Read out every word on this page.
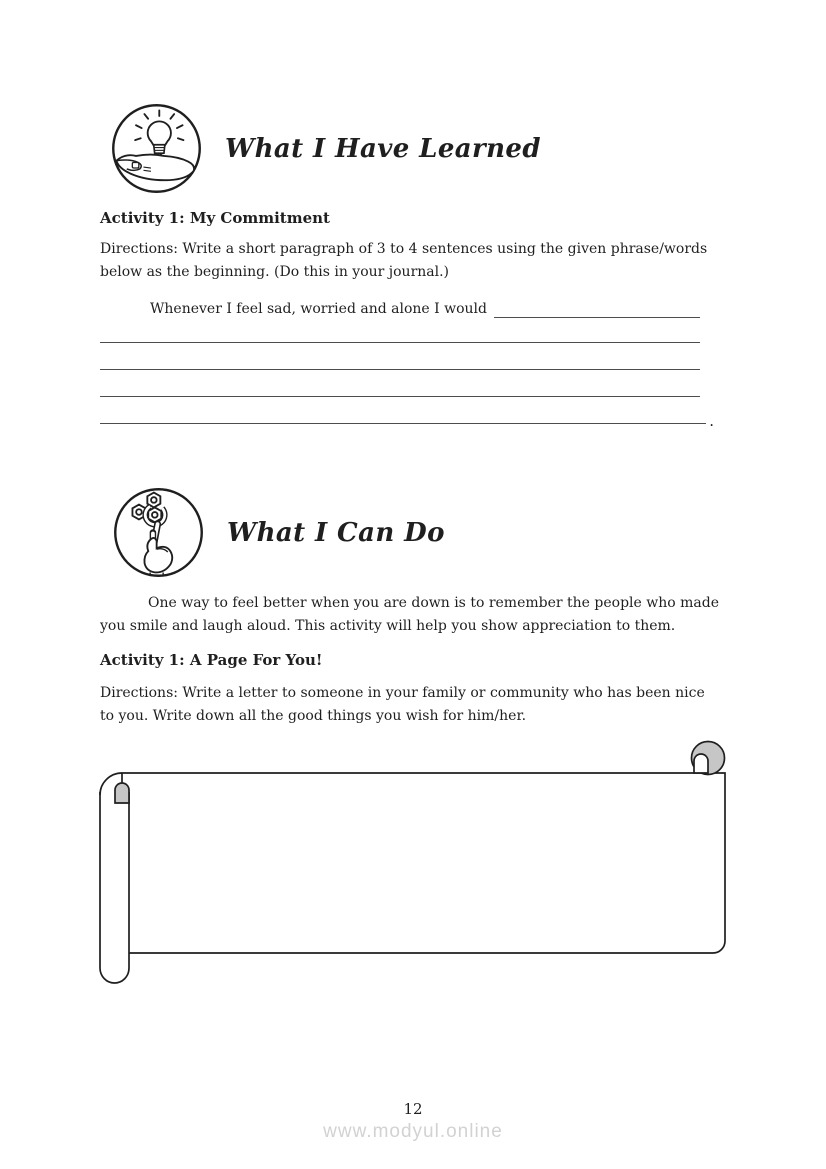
What I Have Learned
Activity 1: My Commitment
Directions: Write a short paragraph of 3 to 4 sentences using the given phrase/words
below as the beginning. (Do this in your journal.)
Whenever I feel sad, worried and alone I would
.
What I Can Do
One way to feel better when you are down is to remember the people who made
you smile and laugh aloud. This activity will help you show appreciation to them.
Activity 1: A Page For You!
Directions: Write a letter to someone in your family or community who has been nice
to you. Write down all the good things you wish for him/her.
12
www.modyul.online
